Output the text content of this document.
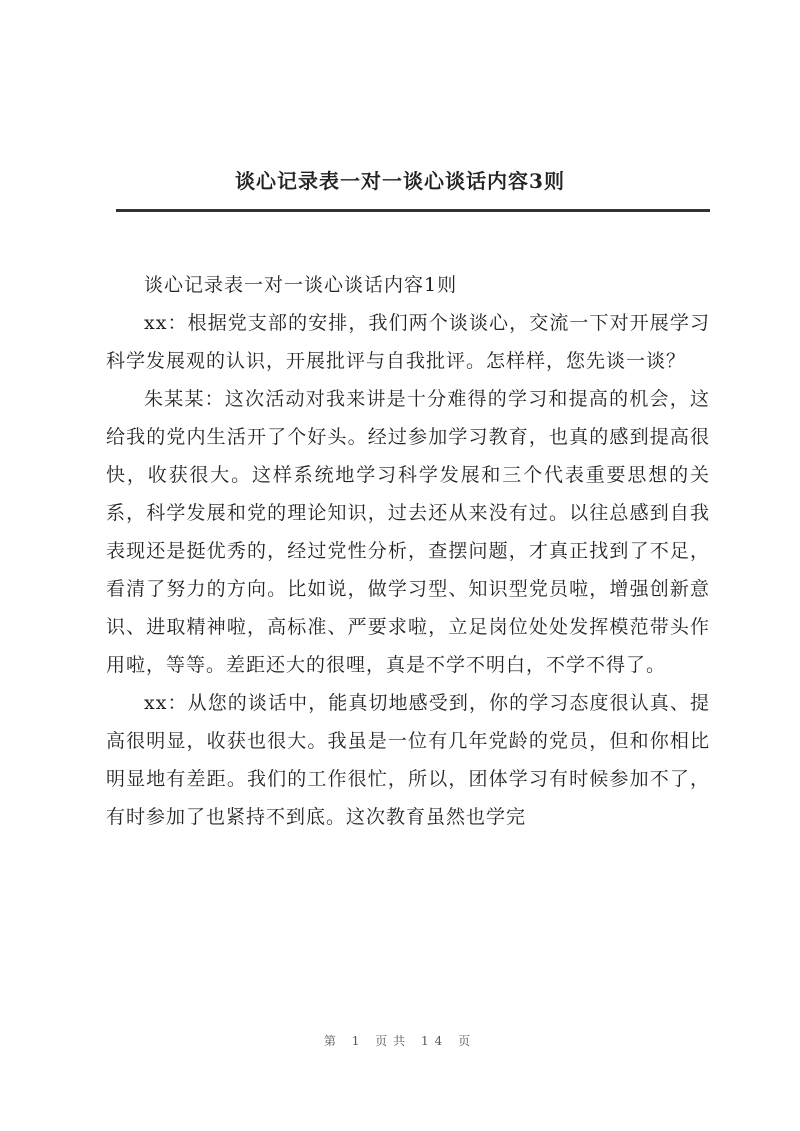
谈心记录表一对一谈心谈话内容3则

谈心记录表一对一谈心谈话内容1则

xx：根据党支部的安排，我们两个谈谈心，交流一下对开展学习科学发展观的认识，开展批评与自我批评。怎样样，您先谈一谈？

朱某某：这次活动对我来讲是十分难得的学习和提高的机会，这给我的党内生活开了个好头。经过参加学习教育，也真的感到提高很快，收获很大。这样系统地学习科学发展和三个代表重要思想的关系，科学发展和党的理论知识，过去还从来没有过。以往总感到自我表现还是挺优秀的，经过党性分析，查摆问题，才真正找到了不足，看清了努力的方向。比如说，做学习型、知识型党员啦，增强创新意识、进取精神啦，高标准、严要求啦，立足岗位处处发挥模范带头作用啦，等等。差距还大的很哩，真是不学不明白，不学不得了。

xx：从您的谈话中，能真切地感受到，你的学习态度很认真、提高很明显，收获也很大。我虽是一位有几年党龄的党员，但和你相比明显地有差距。我们的工作很忙，所以，团体学习有时候参加不了，有时参加了也紧持不到底。这次教育虽然也学完

第 1 页共 14 页
